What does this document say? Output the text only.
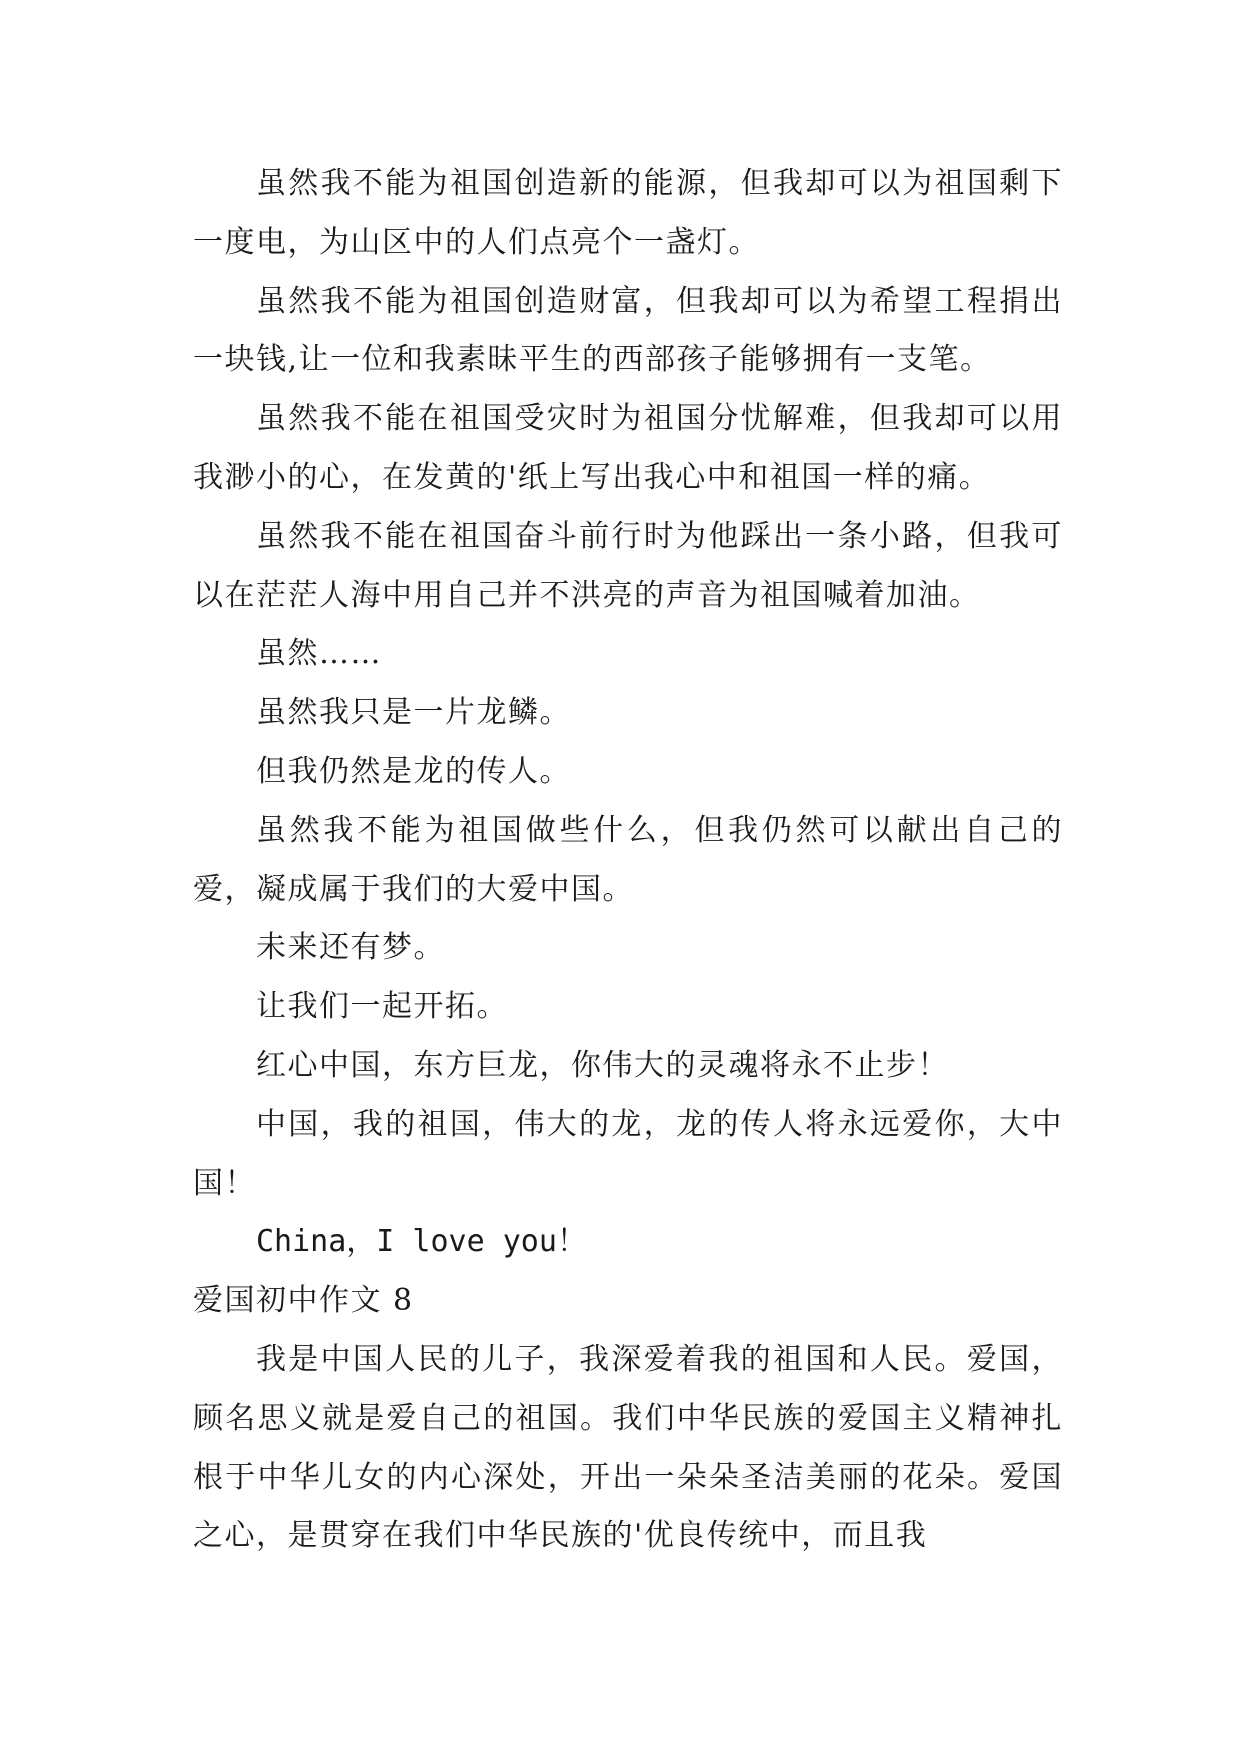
虽然我不能为祖国创造新的能源，但我却可以为祖国剩下一度电，为山区中的人们点亮个一盏灯。

虽然我不能为祖国创造财富，但我却可以为希望工程捐出一块钱,让一位和我素昧平生的西部孩子能够拥有一支笔。

虽然我不能在祖国受灾时为祖国分忧解难，但我却可以用我渺小的心，在发黄的'纸上写出我心中和祖国一样的痛。

虽然我不能在祖国奋斗前行时为他踩出一条小路，但我可以在茫茫人海中用自己并不洪亮的声音为祖国喊着加油。

虽然……

虽然我只是一片龙鳞。

但我仍然是龙的传人。

虽然我不能为祖国做些什么，但我仍然可以献出自己的爱，凝成属于我们的大爱中国。

未来还有梦。

让我们一起开拓。

红心中国，东方巨龙，你伟大的灵魂将永不止步！

中国，我的祖国，伟大的龙，龙的传人将永远爱你，大中国！

China，I love you！

爱国初中作文 8

我是中国人民的儿子，我深爱着我的祖国和人民。爱国，顾名思义就是爱自己的祖国。我们中华民族的爱国主义精神扎根于中华儿女的内心深处，开出一朵朵圣洁美丽的花朵。爱国之心，是贯穿在我们中华民族的'优良传统中，而且我
